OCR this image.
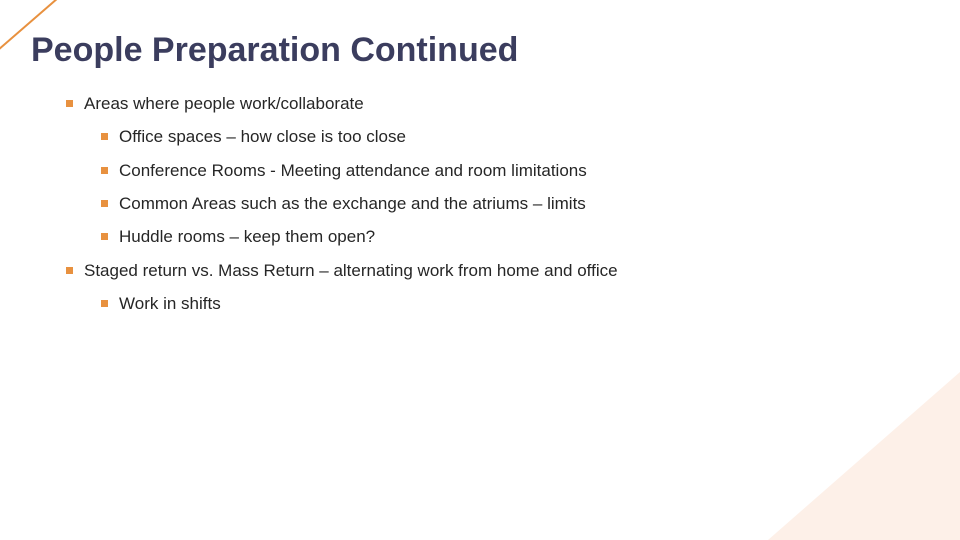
People Preparation Continued
Areas where people work/collaborate
Office spaces – how close is too close
Conference Rooms - Meeting attendance and room limitations
Common Areas such as the exchange and the atriums – limits
Huddle rooms – keep them open?
Staged return vs. Mass Return – alternating work from home and office
Work in shifts
